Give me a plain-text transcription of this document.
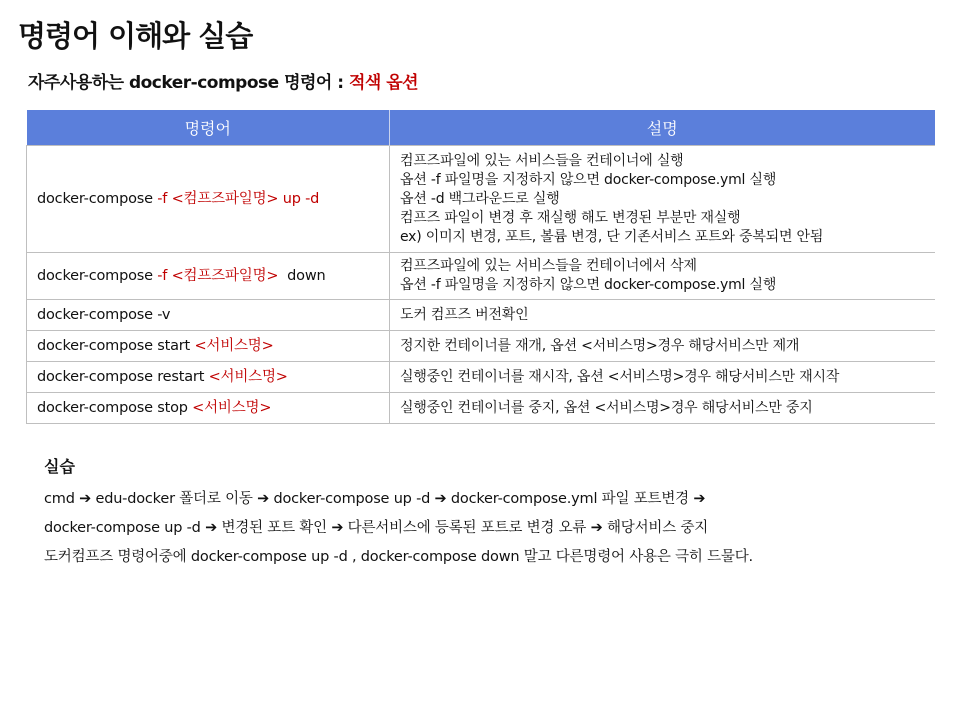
명령어 이해와 실습
자주사용하는 docker-compose 명령어 : 적색 옵션
명령어	설명
docker-compose -f <컴프즈파일명> up -d	컴프즈파일에 있는 서비스들을 컨테이너에 실행
옵션 -f 파일명을 지정하지 않으면 docker-compose.yml 실행
옵션 -d 백그라운드로 실행
컴프즈 파일이 변경 후 재실행 해도 변경된 부분만 재실행
ex) 이미지 변경, 포트, 볼륨 변경, 단 기존서비스 포트와 중복되면 안됨

docker-compose -f <컴프즈파일명>  down	컴프즈파일에 있는 서비스들을 컨테이너에서 삭제
옵션 -f 파일명을 지정하지 않으면 docker-compose.yml 실행

docker-compose -v	도커 컴프즈 버전확인

docker-compose start <서비스명>	정지한 컨테이너를 재개, 옵션 <서비스명>경우 해당서비스만 제개

docker-compose restart <서비스명>	실행중인 컨테이너를 재시작, 옵션 <서비스명>경우 해당서비스만 재시작

docker-compose stop <서비스명>	실행중인 컨테이너를 중지, 옵션 <서비스명>경우 해당서비스만 중지
실습
cmd ➔ edu-docker 폴더로 이동 ➔ docker-compose up -d ➔ docker-compose.yml 파일 포트변경 ➔
docker-compose up -d ➔ 변경된 포트 확인 ➔ 다른서비스에 등록된 포트로 변경 오류 ➔ 해당서비스 중지
도커컴프즈 명령어중에 docker-compose up -d , docker-compose down 말고 다른명령어 사용은 극히 드물다.
